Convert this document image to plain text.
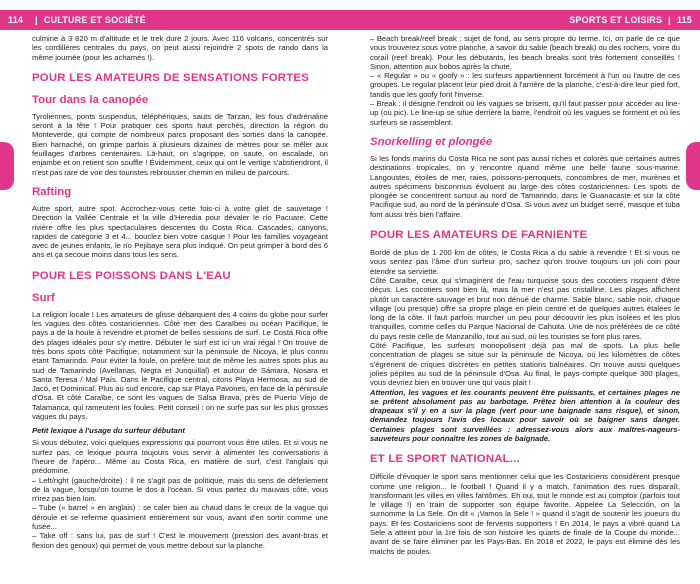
114 | CULTURE ET SOCIÉTÉ

culmine à 3 820 m d'altitude et le trek dure 2 jours. Avec 116 volcans, concentrés sur les cordillères centrales du pays, on peut aussi rejoindre 2 spots de rando dans la même journée (pour les achamés !).

POUR LES AMATEURS DE SENSATIONS FORTES
Tour dans la canopée

Tyroliennes, ponts suspendus, téléphériques, sauts de Tarzan, les fous d'adrénaline seront à la fête ! Pour pratiquer ces sports haut perchés, direction la région du Monteverde, qui compte de nombreux parcs proposant des sorties dans la canopée. Bien harnaché, on grimpe parfois à plusieurs dizaines de mètres pour se mêler aux feuillages d'arbres centenaires. Là-haut, on s'agrippe, on saute, on escalade, on enjambe et on retient son souffle ! Évidemment, ceux qui ont le vertige s'abstiendront, il n'est pas rare de voir des touristes rebrousser chemin en milieu de parcours.

Rafting

Autre sport, autre spot. Accrochez-vous cette fois-ci à votre gilet de sauvetage ! Direction la Vallée Centrale et la ville d'Heredia pour dévaler le río Pacuare. Cette rivière offre les plus spectaculaires descentes du Costa Rica. Cascades, canyons, rapides de catégorie 3 et 4... bouclez bien votre casque ! Pour les familles voyageant avec de jeunes enfants, le río Pejibaye sera plus indiqué. On peut grimper à bord dès 6 ans et ça secoue moins dans tous les sens.

POUR LES POISSONS DANS L'EAU
Surf

La religion locale ! Les amateurs de glisse débarquent des 4 coins du globe pour surfer les vagues des côtes costariciennes. Côté mer des Caraïbes ou océan Pacifique, le pays a de la houle à revendre et promet de belles sessions de surf. Le Costa Rica offre des plages idéales pour s'y mettre. Débuter le surf est ici un vrai régal ! On trouve de très bons spots côté Pacifique, notamment sur la péninsule de Nicoya, le plus connu étant Tamarindo. Pour éviter la foule, on préfère tout de même les autres spots plus au sud de Tamarindo (Avellanas, Negra et Junquillal) et autour de Sámara, Nosara et Santa Teresa / Mal País. Dans le Pacifique central, citons Playa Hermosa, au sud de Jacó, et Dominical. Plus au sud encore, cap sur Playa Pavones, en face de la péninsule d'Osa. Et côté Caraïbe, ce sont les vagues de Salsa Brava, près de Puerto Viejo de Talamanca, qui rameutent les foules. Petit conseil : on ne surfe pas sur les plus grosses vagues du pays.

Petit lexique à l'usage du surfeur débutant

Si vous débutez, voici quelques expressions qui pourront vous être utiles. Et si vous ne surfez pas, ce lexique pourra toujours vous servir à alimenter les conversations à l'heure de l'apéro... Même au Costa Rica, en matière de surf, c'est l'anglais qui prédomine.

– Left/right (gauche/droite) : il ne s'agit pas de politique, mais du sens de déferlement de la vague, lorsqu'on tourne le dos à l'océan. Si vous partez du mauvais côté, vous n'irez pas bien loin.

– Tube (« barrel » en anglais) : se caler bien au chaud dans le creux de la vague qui déroule et se refermе quasiment entièrement sur vous, avant d'en sortir comme une fusée...

– Take off : sans lui, pas de surf ! C'est le mouvement (pression des avant-bras et flexion des genoux) qui permet de vous mettre debout sur la planche.

SPORTS ET LOISIRS | 115

– Beach break/reef break : sujet de fond, au sens propre du terme. Ici, on parle de ce que vous trouverez sous votre planche, à savoir du sable (beach break) ou des rochers, voire du corail (reef break). Pour les débutants, les beach breaks sont très fortement conseillés ! Sinon, attention aux bobos après la chute.

– « Regular » ou « goofy » : les surfeurs appartiennent forcément à l'un ou l'autre de ces groupes. Le regular placent leur pied droit à l'arrière de la planche, c'est-à-dire leur pied fort, tandis que les goofy font l'inverse.

– Break : il désigne l'endroit où les vagues se brisent, qu'il faut passer pour accéder au line-up (ou pic). Le line-up se situe derrière la barre, l'endroit où les vagues se forment et où les surfeurs se rassemblent.

Snorkelling et plongée

Si les fonds marins du Costa Rica ne sont pas aussi riches et colorés que certaines autres destinations tropicales, on y rencontre quand même une belle faune sous-marine. Langoustes, étoiles de mer, raies, poissons-perroquets, concombres de mer, murènes et autres spécimens bisconrnus évoluent au large des côtes costariciennes. Les spots de plongée se concentrent surtout au nord de Tamarindo, dans le Guanacaste et sur la côte Pacifique sud, au nord de la péninsule d'Osa. Si vous avez un budget serré, masque et tuba font aussi très bien l'affaire.

POUR LES AMATEURS DE FARNIENTE

Bordé de plus de 1 200 km de côtes, le Costa Rica a du sable à revendre ! Et si vous ne vous sentez pas l'âme d'un surfeur pro, sachez qu'on trouve toujours un joli coin pour étendre sa serviette.

Côté Caraïbe, ceux qui s'imaginent de l'eau turquoise sous des cocotiers risquent d'être déçus. Les cocotiers sont bien là, mais la mer n'est pas cristalline. Les plages affichent plutôt un caractère sauvage et brut non dénué de charme. Sable blanc, sable noir, chaque village (ou presque) offre sa propre plage en plein centre et de quelques autres étalées le long de la côte. Il faut parfois marcher un peu pour découvrir les plus isolées et les plus tranquilles, comme celles du Parque Nacional de Cahuita. Une de nos préférées de ce côté du pays reste celle de Manzanillo, tout au sud, où les touristes se font plus rares.

Côté Pacifique, les surfeurs monopolisent déjà pas mal de spots. La plus belle concentration de plages se situe sur la péninsule de Nicoya, où les kilomètres de côtes s'égrènent de criques discrètes en petites stations balnéaires. On trouve aussi quelques jolies pépites au sud de la péninsule d'Osa. Au final, le pays compte quelque 300 plages, vous devriez bien en trouver une qui vous plait !

Attention, les vagues et les courants peuvent être puissants, et certaines plages ne se prêtent absolument pas au barbotage. Prêtez bien attention à la couleur des drapeaux s'il y en a sur la plage (vert pour une baignade sans risque), et sinon, demandez toujours l'avis des locaux pour savoir où se baigner sans danger. Certaines plages sont surveillées : adressez-vous alors aux maîtres-nageurs-sauveteurs pour connaître les zones de baignade.

ET LE SPORT NATIONAL...

Difficile d'évoquer le sport sans mentionner celui que les Costariciens considèrent presque comme une religion... le football ! Quand il y a match, l'animation des rues disparaît, transformant les villes en villes fantômes. Eh oui, tout le monde est au comptoir (parfois tout le village !) en train de supporter son équipe favorite. Appelée La Selección, on la surnomme la La Sele. On dit « ¡Vamos la Sele ! » quand il s'agit de soutenir les joueurs du pays. Et les Costariciens sont de fervents supporters ! En 2014, le pays a vibré quand La Sele a atteint pour la 1re fois de son histoire les quarts de finale de la Coupe du monde... avant de se faire éliminer par les Pays-Bas. En 2018 et 2022, le pays est éliminé dès les matchs de poules.
